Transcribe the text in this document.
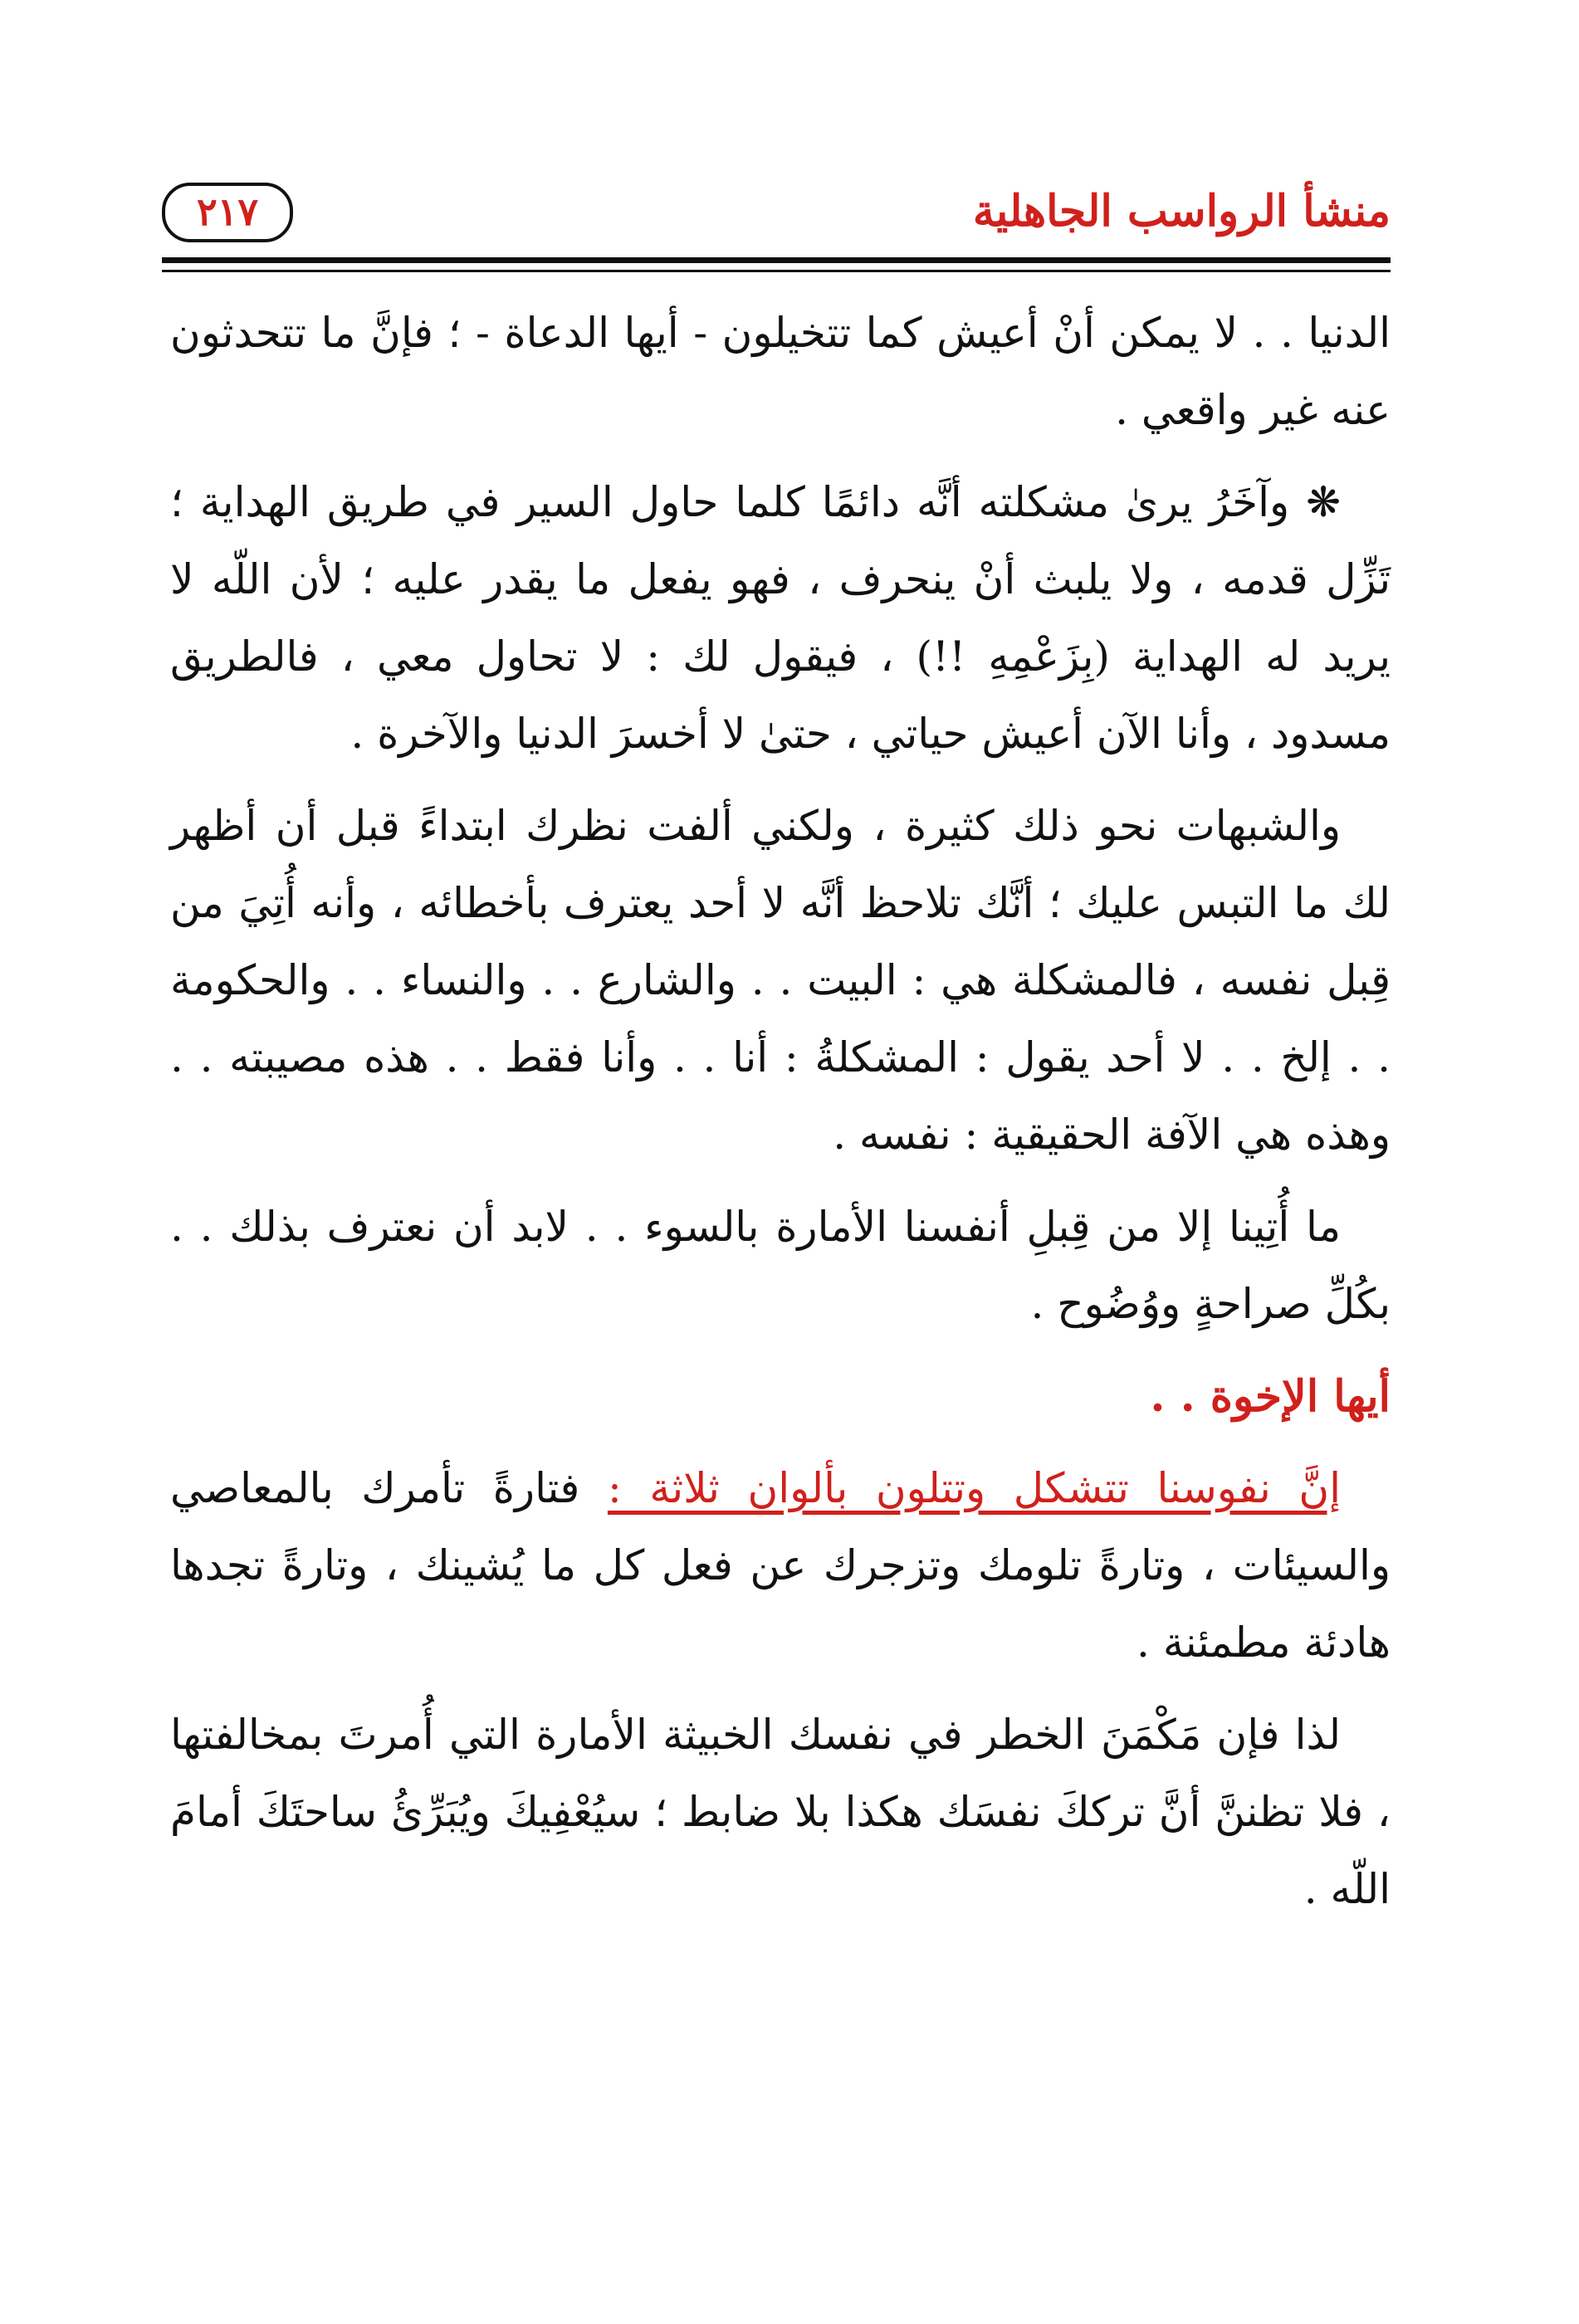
منشأ الرواسب الجاهلية
٢١٧

الدنيا . . لا يمكن أنْ أعيش كما تتخيلون - أيها الدعاة - ؛ فإنَّ ما تتحدثون عنه غير واقعي .

❋ وآخَرُ يرىٰ مشكلته أنَّه دائمًا كلما حاول السير في طريق الهداية ؛ تَزِّل قدمه ، ولا يلبث أنْ ينحرف ، فهو يفعل ما يقدر عليه ؛ لأن اللّه لا يريد له الهداية (بِزَعْمِهِ !!) ، فيقول لك : لا تحاول معي ، فالطريق مسدود ، وأنا الآن أعيش حياتي ، حتىٰ لا أخسرَ الدنيا والآخرة .

والشبهات نحو ذلك كثيرة ، ولكني ألفت نظرك ابتداءً قبل أن أظهر لك ما التبس عليك ؛ أنَّك تلاحظ أنَّه لا أحد يعترف بأخطائه ، وأنه أُتِيَ من قِبل نفسه ، فالمشكلة هي : البيت . . والشارع . . والنساء . . والحكومة . . إلخ . . لا أحد يقول : المشكلةُ : أنا . . وأنا فقط . . هذه مصيبته . . وهذه هي الآفة الحقيقية : نفسه .

ما أُتِينا إلا من قِبلِ أنفسنا الأمارة بالسوء . . لابد أن نعترف بذلك . . بكُلِّ صراحةٍ ووُضُوح .

أيها الإخوة . .

إنَّ نفوسنا تتشكل وتتلون بألوان ثلاثة : فتارةً تأمرك بالمعاصي والسيئات ، وتارةً تلومك وتزجرك عن فعل كل ما يُشينك ، وتارةً تجدها هادئة مطمئنة .

لذا فإن مَكْمَنَ الخطر في نفسك الخبيثة الأمارة التي أُمرتَ بمخالفتها ، فلا تظننَّ أنَّ ترككَ نفسَك هكذا بلا ضابط ؛ سيُعْفِيكَ ويُبَرِّئُ ساحتَكَ أمامَ اللّه .
